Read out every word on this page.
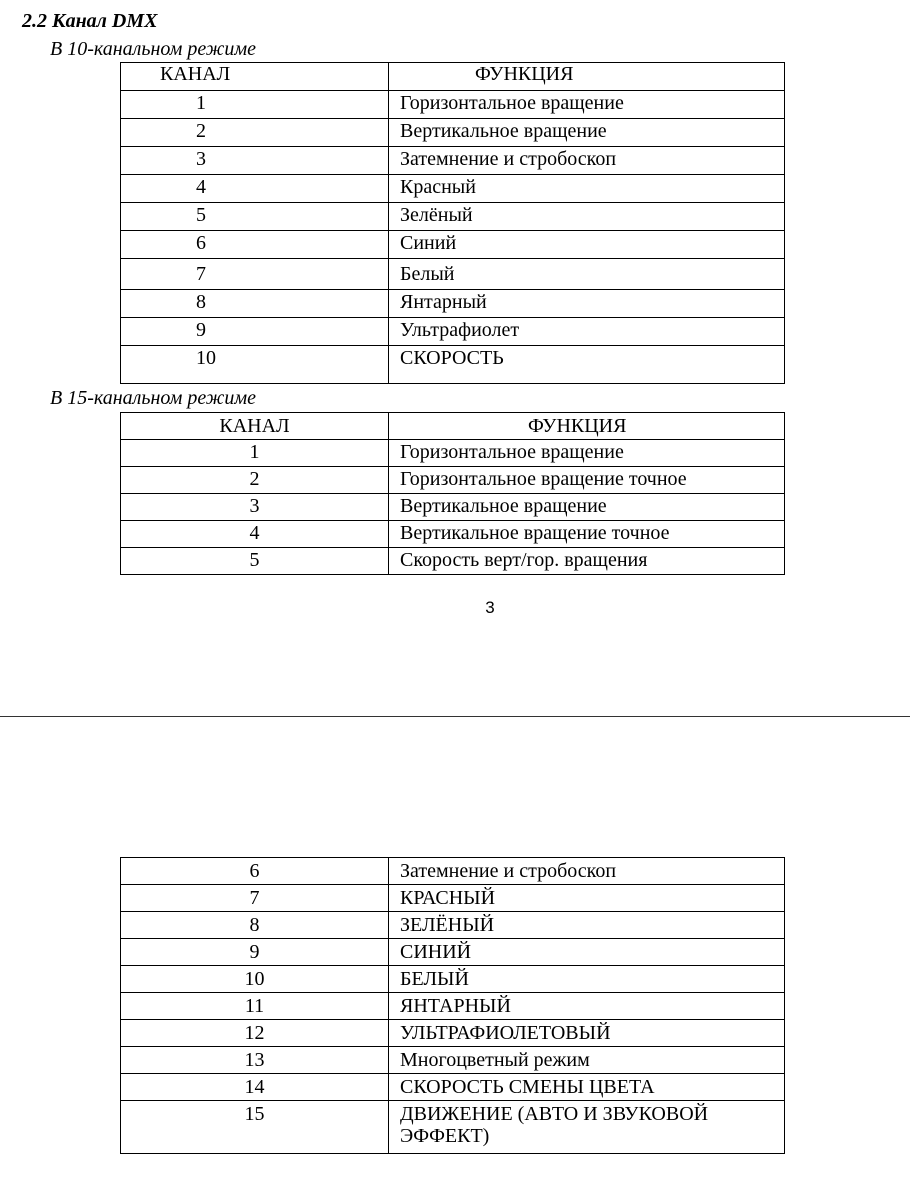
2.2 Канал DMX
В 10-канальном режиме
КАНАЛ	ФУНКЦИЯ
1	Горизонтальное вращение
2	Вертикальное вращение
3	Затемнение и стробоскоп
4	Красный
5	Зелёный
6	Синий
7	Белый
8	Янтарный
9	Ультрафиолет
10	СКОРОСТЬ
В 15-канальном режиме
КАНАЛ	ФУНКЦИЯ
1	Горизонтальное вращение
2	Горизонтальное вращение точное
3	Вертикальное вращение
4	Вертикальное вращение точное
5	Скорость верт/гор. вращения
3
6	Затемнение и стробоскоп
7	КРАСНЫЙ
8	ЗЕЛЁНЫЙ
9	СИНИЙ
10	БЕЛЫЙ
11	ЯНТАРНЫЙ
12	УЛЬТРАФИОЛЕТОВЫЙ
13	Многоцветный режим
14	СКОРОСТЬ СМЕНЫ ЦВЕТА
15	ДВИЖЕНИЕ (АВТО И ЗВУКОВОЙ ЭФФЕКТ)
